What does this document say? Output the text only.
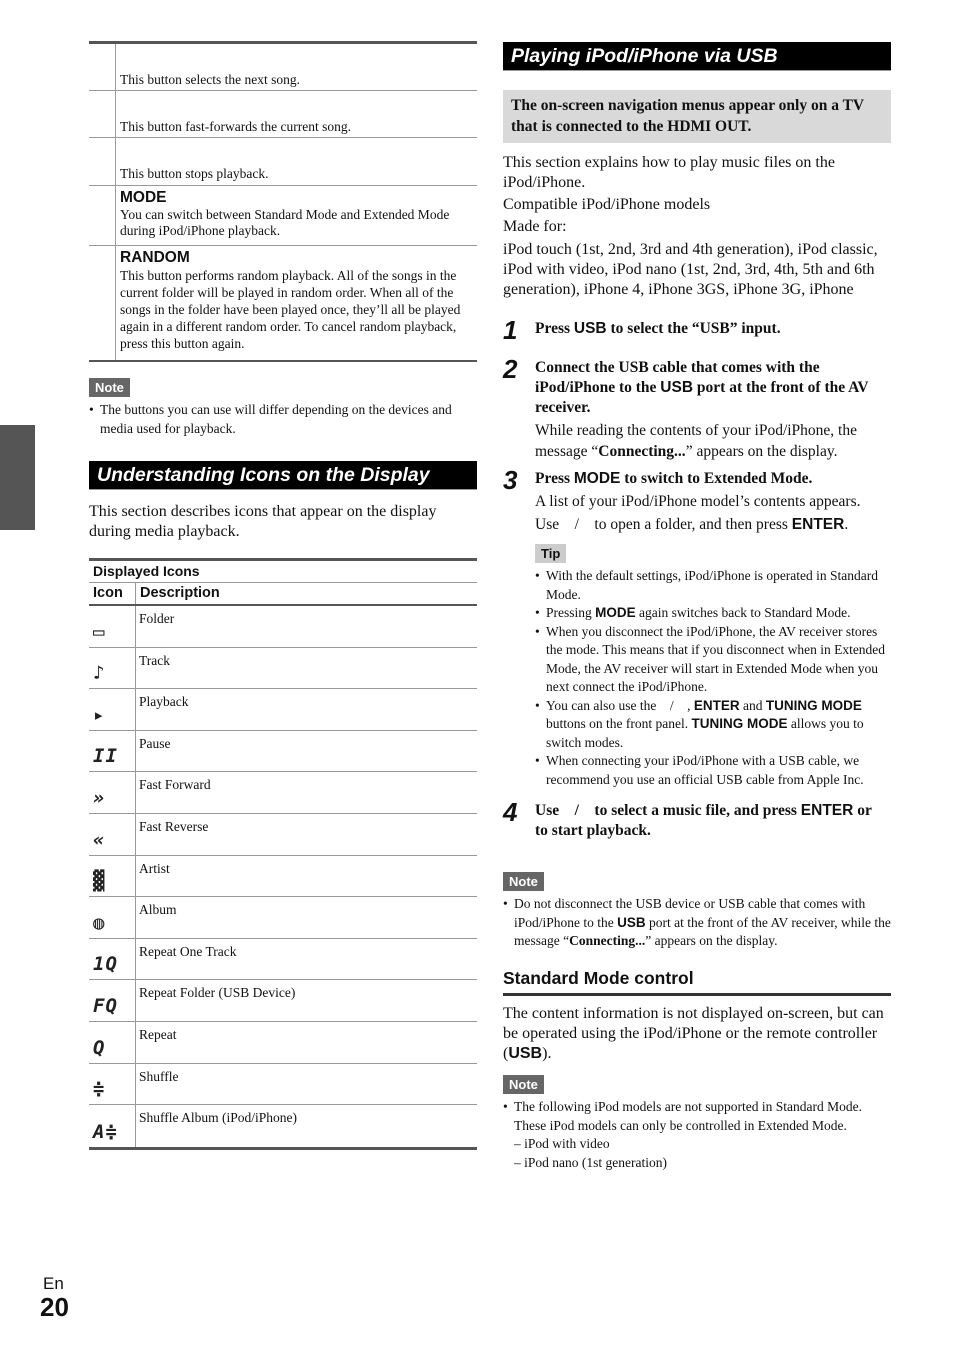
This button selects the next song.
This button fast-forwards the current song.
This button stops playback.
MODE
You can switch between Standard Mode and Extended Mode during iPod/iPhone playback.
RANDOM
This button performs random playback. All of the songs in the current folder will be played in random order. When all of the songs in the folder have been played once, they’ll all be played again in a different random order. To cancel random playback, press this button again.
Note
• The buttons you can use will differ depending on the devices and media used for playback.
Understanding Icons on the Display
This section describes icons that appear on the display during media playback.
Displayed Icons
Icon	Description
▭
Folder
♪
Track
▸
Playback
II
Pause
»
Fast Forward
«
Fast Reverse
▓
Artist
◍
Album
1Q
Repeat One Track
FQ
Repeat Folder (USB Device)
Q
Repeat
≑
Shuffle
A≑
Shuffle Album (iPod/iPhone)
Playing iPod/iPhone via USB
The on-screen navigation menus appear only on a TV that is connected to the HDMI OUT.
This section explains how to play music files on the iPod/iPhone.
Compatible iPod/iPhone models
Made for:
iPod touch (1st, 2nd, 3rd and 4th generation), iPod classic, iPod with video, iPod nano (1st, 2nd, 3rd, 4th, 5th and 6th generation), iPhone 4, iPhone 3GS, iPhone 3G, iPhone
1 Press USB to select the “USB” input.
2 Connect the USB cable that comes with the iPod/iPhone to the USB port at the front of the AV receiver.
While reading the contents of your iPod/iPhone, the message “Connecting...” appears on the display.
3 Press MODE to switch to Extended Mode.
A list of your iPod/iPhone model’s contents appears.
Use    /    to open a folder, and then press ENTER.
Tip
• With the default settings, iPod/iPhone is operated in Standard Mode.
• Pressing MODE again switches back to Standard Mode.
• When you disconnect the iPod/iPhone, the AV receiver stores the mode. This means that if you disconnect when in Extended Mode, the AV receiver will start in Extended Mode when you next connect the iPod/iPhone.
• You can also use the    /    , ENTER and TUNING MODE buttons on the front panel. TUNING MODE allows you to switch modes.
• When connecting your iPod/iPhone with a USB cable, we recommend you use an official USB cable from Apple Inc.
4 Use    /    to select a music file, and press ENTER or      to start playback.
Note
• Do not disconnect the USB device or USB cable that comes with iPod/iPhone to the USB port at the front of the AV receiver, while the message “Connecting...” appears on the display.
Standard Mode control
The content information is not displayed on-screen, but can be operated using the iPod/iPhone or the remote controller (USB).
Note
• The following iPod models are not supported in Standard Mode. These iPod models can only be controlled in Extended Mode.
– iPod with video
– iPod nano (1st generation)
En
20
